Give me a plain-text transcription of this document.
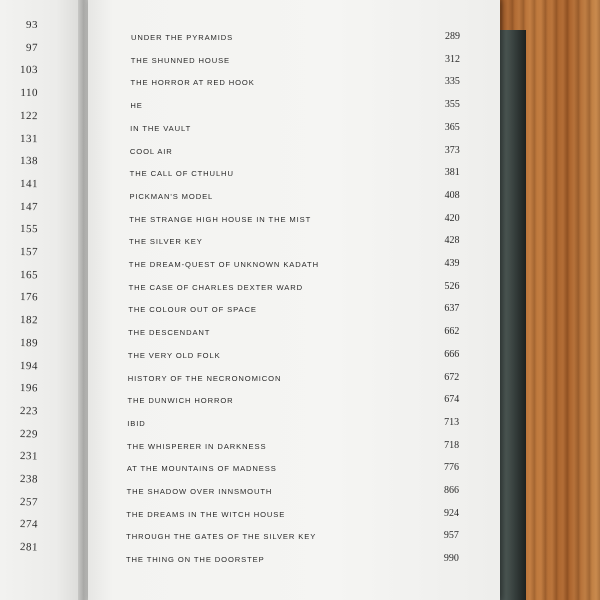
93
97
103
110
122
131
138
141
147
155
157
165
176
182
189
194
196
223
229
231
238
257
274
281
UNDER THE PYRAMIDS	289
THE SHUNNED HOUSE	312
THE HORROR AT RED HOOK	335
HE	355
IN THE VAULT	365
COOL AIR	373
THE CALL OF CTHULHU	381
PICKMAN'S MODEL	408
THE STRANGE HIGH HOUSE IN THE MIST	420
THE SILVER KEY	428
THE DREAM-QUEST OF UNKNOWN KADATH	439
THE CASE OF CHARLES DEXTER WARD	526
THE COLOUR OUT OF SPACE	637
THE DESCENDANT	662
THE VERY OLD FOLK	666
HISTORY OF THE NECRONOMICON	672
THE DUNWICH HORROR	674
IBID	713
THE WHISPERER IN DARKNESS	718
AT THE MOUNTAINS OF MADNESS	776
THE SHADOW OVER INNSMOUTH	866
THE DREAMS IN THE WITCH HOUSE	924
THROUGH THE GATES OF THE SILVER KEY	957
THE THING ON THE DOORSTEP	990
